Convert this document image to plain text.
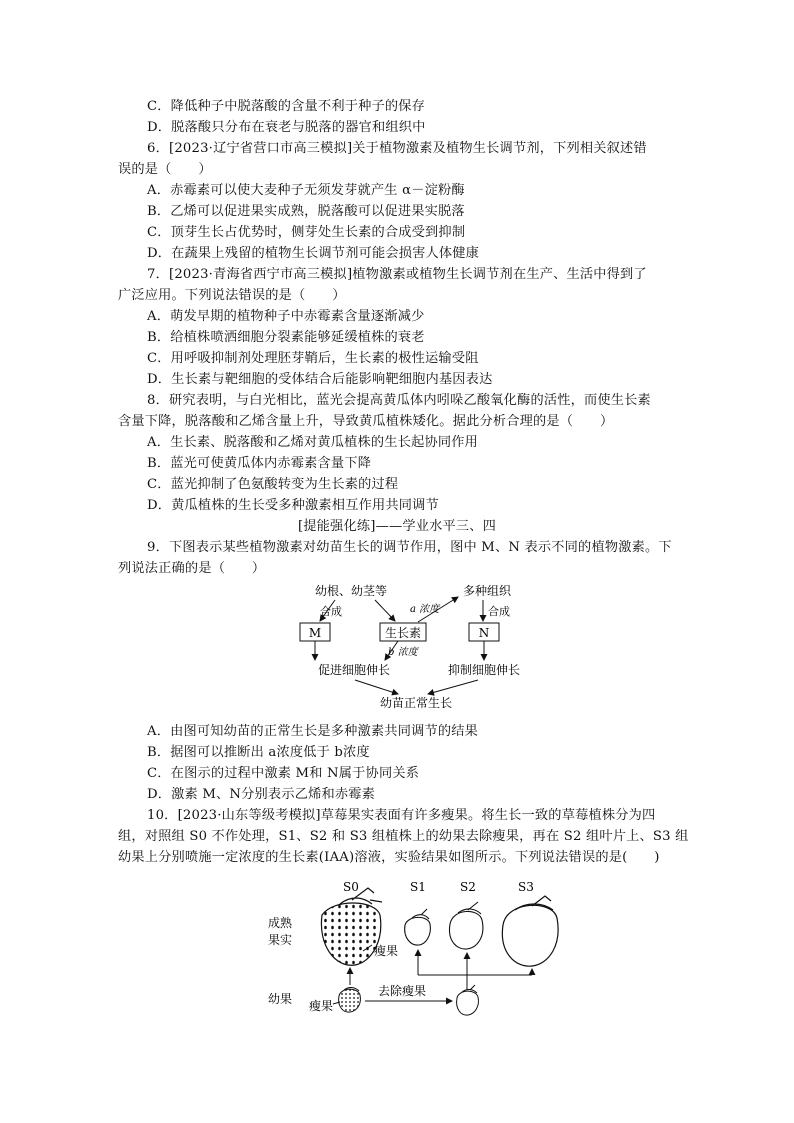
C．降低种子中脱落酸的含量不利于种子的保存
D．脱落酸只分布在衰老与脱落的器官和组织中
6．[2023·辽宁省营口市高三模拟]关于植物激素及植物生长调节剂，下列相关叙述错
误的是（　　）
A．赤霉素可以使大麦种子无须发芽就产生 α－淀粉酶
B．乙烯可以促进果实成熟，脱落酸可以促进果实脱落
C．顶芽生长占优势时，侧芽处生长素的合成受到抑制
D．在蔬果上残留的植物生长调节剂可能会损害人体健康
7．[2023·青海省西宁市高三模拟]植物激素或植物生长调节剂在生产、生活中得到了
广泛应用。下列说法错误的是（　　）
A．萌发早期的植物种子中赤霉素含量逐渐减少
B．给植株喷洒细胞分裂素能够延缓植株的衰老
C．用呼吸抑制剂处理胚芽鞘后，生长素的极性运输受阻
D．生长素与靶细胞的受体结合后能影响靶细胞内基因表达
8．研究表明，与白光相比，蓝光会提高黄瓜体内吲哚乙酸氧化酶的活性，而使生长素
含量下降，脱落酸和乙烯含量上升，导致黄瓜植株矮化。据此分析合理的是（　　）
A．生长素、脱落酸和乙烯对黄瓜植株的生长起协同作用
B．蓝光可使黄瓜体内赤霉素含量下降
C．蓝光抑制了色氨酸转变为生长素的过程
D．黄瓜植株的生长受多种激素相互作用共同调节
[提能强化练]——学业水平三、四
9．下图表示某些植物激素对幼苗生长的调节作用，图中 M、N 表示不同的植物激素。下
列说法正确的是（　　）
幼根、幼茎等	多种组织
合成	a 浓度	合成
M	生长素	N
b 浓度
促进细胞伸长	抑制细胞伸长
幼苗正常生长
A．由图可知幼苗的正常生长是多种激素共同调节的结果
B．据图可以推断出 a浓度低于 b浓度
C．在图示的过程中激素 M和 N属于协同关系
D．激素 M、N分别表示乙烯和赤霉素
10．[2023·山东等级考模拟]草莓果实表面有许多瘦果。将生长一致的草莓植株分为四
组，对照组 S0 不作处理，S1、S2 和 S3 组植株上的幼果去除瘦果，再在 S2 组叶片上、S3 组
幼果上分别喷施一定浓度的生长素(IAA)溶液，实验结果如图所示。下列说法错误的是(　　)
S0	S1	S2	S3
成熟
果实
瘦果
幼果 瘦果
去除瘦果
